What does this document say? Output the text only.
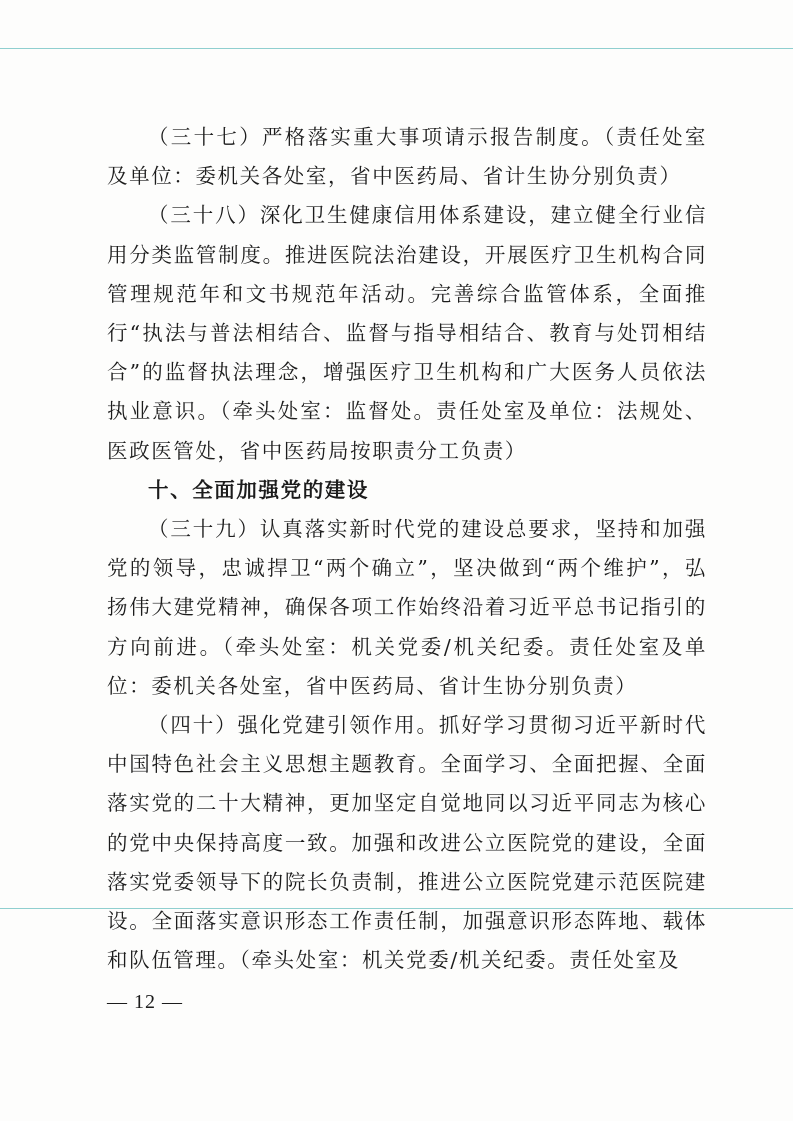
（三十七）严格落实重大事项请示报告制度。（责任处室及单位：委机关各处室，省中医药局、省计生协分别负责）

（三十八）深化卫生健康信用体系建设，建立健全行业信用分类监管制度。推进医院法治建设，开展医疗卫生机构合同管理规范年和文书规范年活动。完善综合监管体系，全面推行“执法与普法相结合、监督与指导相结合、教育与处罚相结合”的监督执法理念，增强医疗卫生机构和广大医务人员依法执业意识。（牵头处室：监督处。责任处室及单位：法规处、医政医管处，省中医药局按职责分工负责）

十、全面加强党的建设

（三十九）认真落实新时代党的建设总要求，坚持和加强党的领导，忠诚捍卫“两个确立”，坚决做到“两个维护”，弘扬伟大建党精神，确保各项工作始终沿着习近平总书记指引的方向前进。（牵头处室：机关党委/机关纪委。责任处室及单位：委机关各处室，省中医药局、省计生协分别负责）

（四十）强化党建引领作用。抓好学习贯彻习近平新时代中国特色社会主义思想主题教育。全面学习、全面把握、全面落实党的二十大精神，更加坚定自觉地同以习近平同志为核心的党中央保持高度一致。加强和改进公立医院党的建设，全面落实党委领导下的院长负责制，推进公立医院党建示范医院建设。全面落实意识形态工作责任制，加强意识形态阵地、载体和队伍管理。（牵头处室：机关党委/机关纪委。责任处室及

— 12 —
